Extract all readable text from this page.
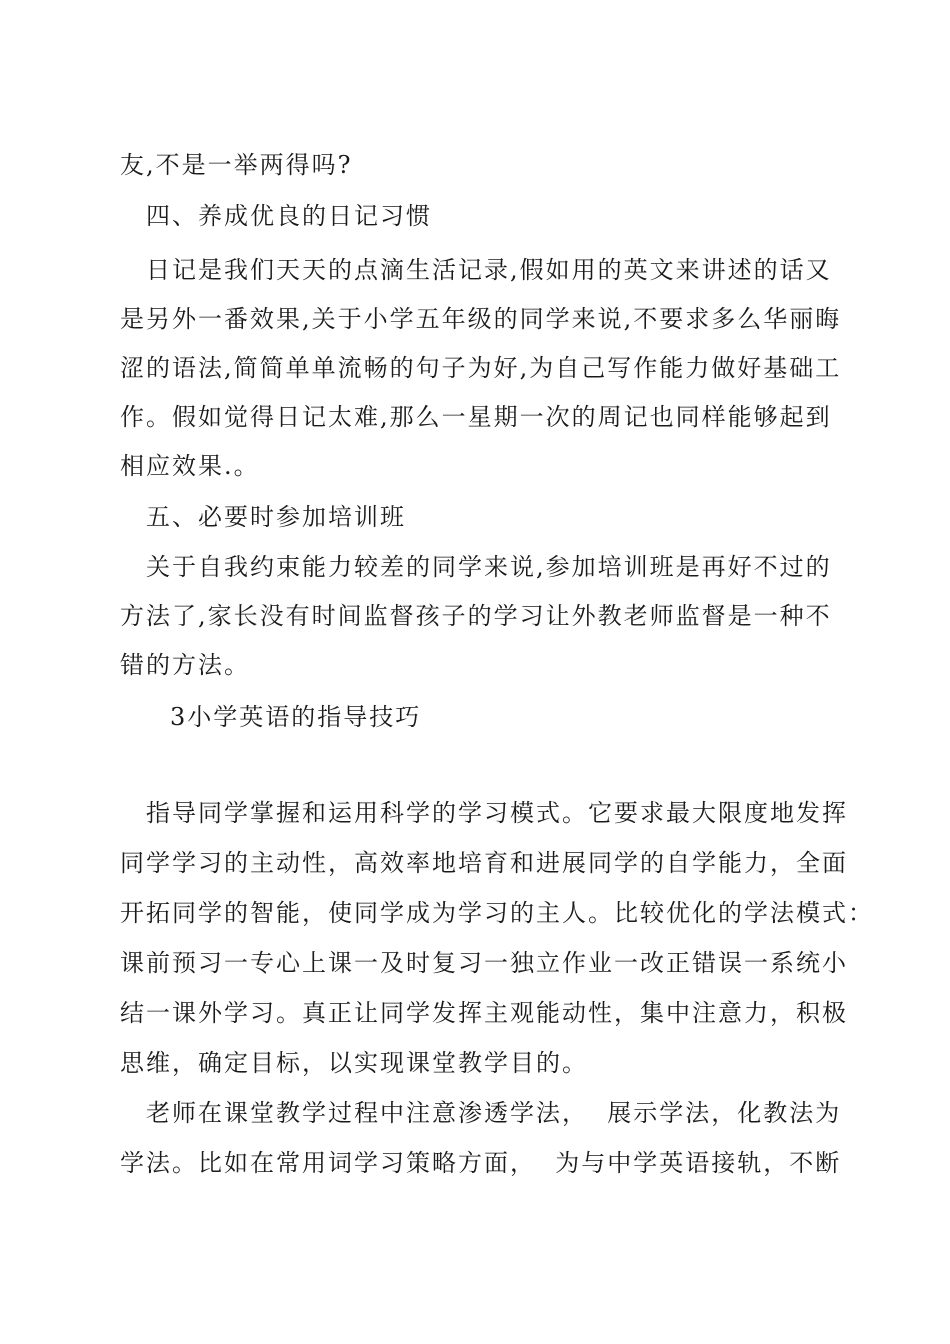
友,不是一举两得吗?
四、养成优良的日记习惯
日记是我们天天的点滴生活记录,假如用的英文来讲述的话又
是另外一番效果,关于小学五年级的同学来说,不要求多么华丽晦
涩的语法,简简单单流畅的句子为好,为自己写作能力做好基础工
作。假如觉得日记太难,那么一星期一次的周记也同样能够起到
相应效果.。
五、必要时参加培训班
关于自我约束能力较差的同学来说,参加培训班是再好不过的
方法了,家长没有时间监督孩子的学习让外教老师监督是一种不
错的方法。
3小学英语的指导技巧
指导同学掌握和运用科学的学习模式。它要求最大限度地发挥
同学学习的主动性，高效率地培育和进展同学的自学能力，全面
开拓同学的智能，使同学成为学习的主人。比较优化的学法模式：
课前预习一专心上课一及时复习一独立作业一改正错误一系统小
结一课外学习。真正让同学发挥主观能动性，集中注意力，积极
思维，确定目标，以实现课堂教学目的。
老师在课堂教学过程中注意渗透学法，  展示学法，化教法为
学法。比如在常用词学习策略方面，  为与中学英语接轨，不断
